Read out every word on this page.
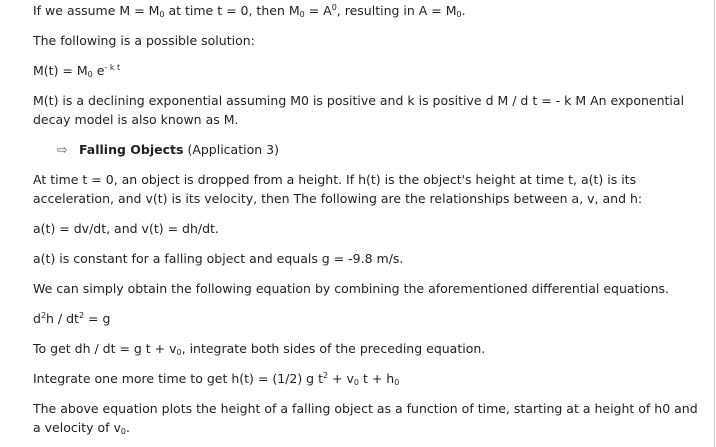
If we assume $M = M_0$ at time t = 0, then $M_0 = A^0$, resulting in $A = M_0$.
The following is a possible solution:
$M(t) = M_0$ $e^{- k t}$
M(t) is a declining exponential assuming M0 is positive and k is positive d M / d t = - k M An exponential decay model is also known as M.
⇨ Falling Objects (Application 3)
At time t = 0, an object is dropped from a height. If h(t) is the object's height at time t, a(t) is its acceleration, and v(t) is its velocity, then The following are the relationships between a, v, and h:
a(t) = dv/dt, and v(t) = dh/dt.
a(t) is constant for a falling object and equals g = -9.8 m/s.
We can simply obtain the following equation by combining the aforementioned differential equations.
$d^2h / dt^2 = g$
To get dh / dt = g $t + v_0$, integrate both sides of the preceding equation.
Integrate one more time to get h(t) = (1/2) g $t^2 + v_0$ $t + h_0$
The above equation plots the height of a falling object as a function of time, starting at a height of h0 and a velocity of $v_0$.
